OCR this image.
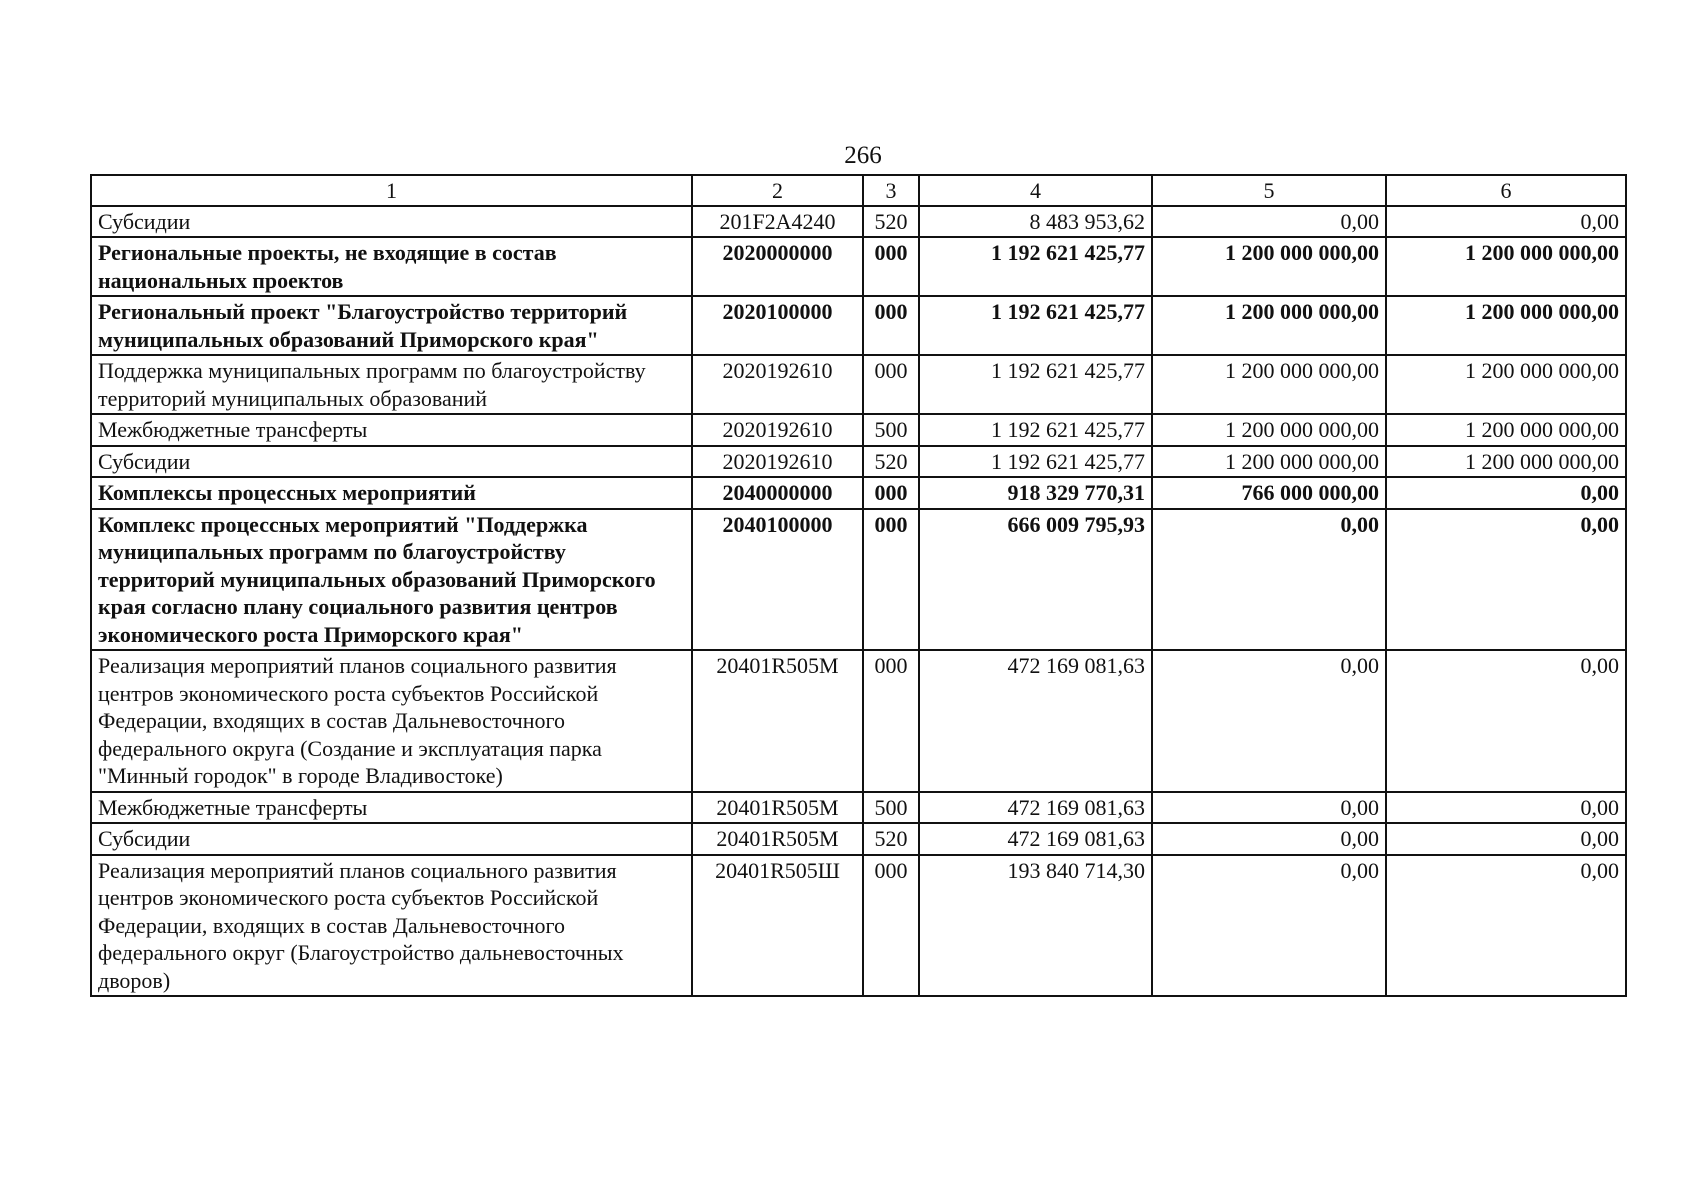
266
1	2	3	4	5	6
Субсидии	201F2A4240	520	8 483 953,62	0,00	0,00
Региональные проекты, не входящие в состав национальных проектов	2020000000	000	1 192 621 425,77	1 200 000 000,00	1 200 000 000,00
Региональный проект "Благоустройство территорий муниципальных образований Приморского края"	2020100000	000	1 192 621 425,77	1 200 000 000,00	1 200 000 000,00
Поддержка муниципальных программ по благоустройству территорий муниципальных образований	2020192610	000	1 192 621 425,77	1 200 000 000,00	1 200 000 000,00
Межбюджетные трансферты	2020192610	500	1 192 621 425,77	1 200 000 000,00	1 200 000 000,00
Субсидии	2020192610	520	1 192 621 425,77	1 200 000 000,00	1 200 000 000,00
Комплексы процессных мероприятий	2040000000	000	918 329 770,31	766 000 000,00	0,00
Комплекс процессных мероприятий "Поддержка муниципальных программ по благоустройству территорий муниципальных образований Приморского края согласно плану социального развития центров экономического роста Приморского края"	2040100000	000	666 009 795,93	0,00	0,00
Реализация мероприятий планов социального развития центров экономического роста субъектов Российской Федерации, входящих в состав Дальневосточного федерального округа (Создание и эксплуатация парка "Минный городок" в городе Владивостоке)	20401R505M	000	472 169 081,63	0,00	0,00
Межбюджетные трансферты	20401R505M	500	472 169 081,63	0,00	0,00
Субсидии	20401R505M	520	472 169 081,63	0,00	0,00
Реализация мероприятий планов социального развития центров экономического роста субъектов Российской Федерации, входящих в состав Дальневосточного федерального округ (Благоустройство дальневосточных дворов)	20401R505Ш	000	193 840 714,30	0,00	0,00
